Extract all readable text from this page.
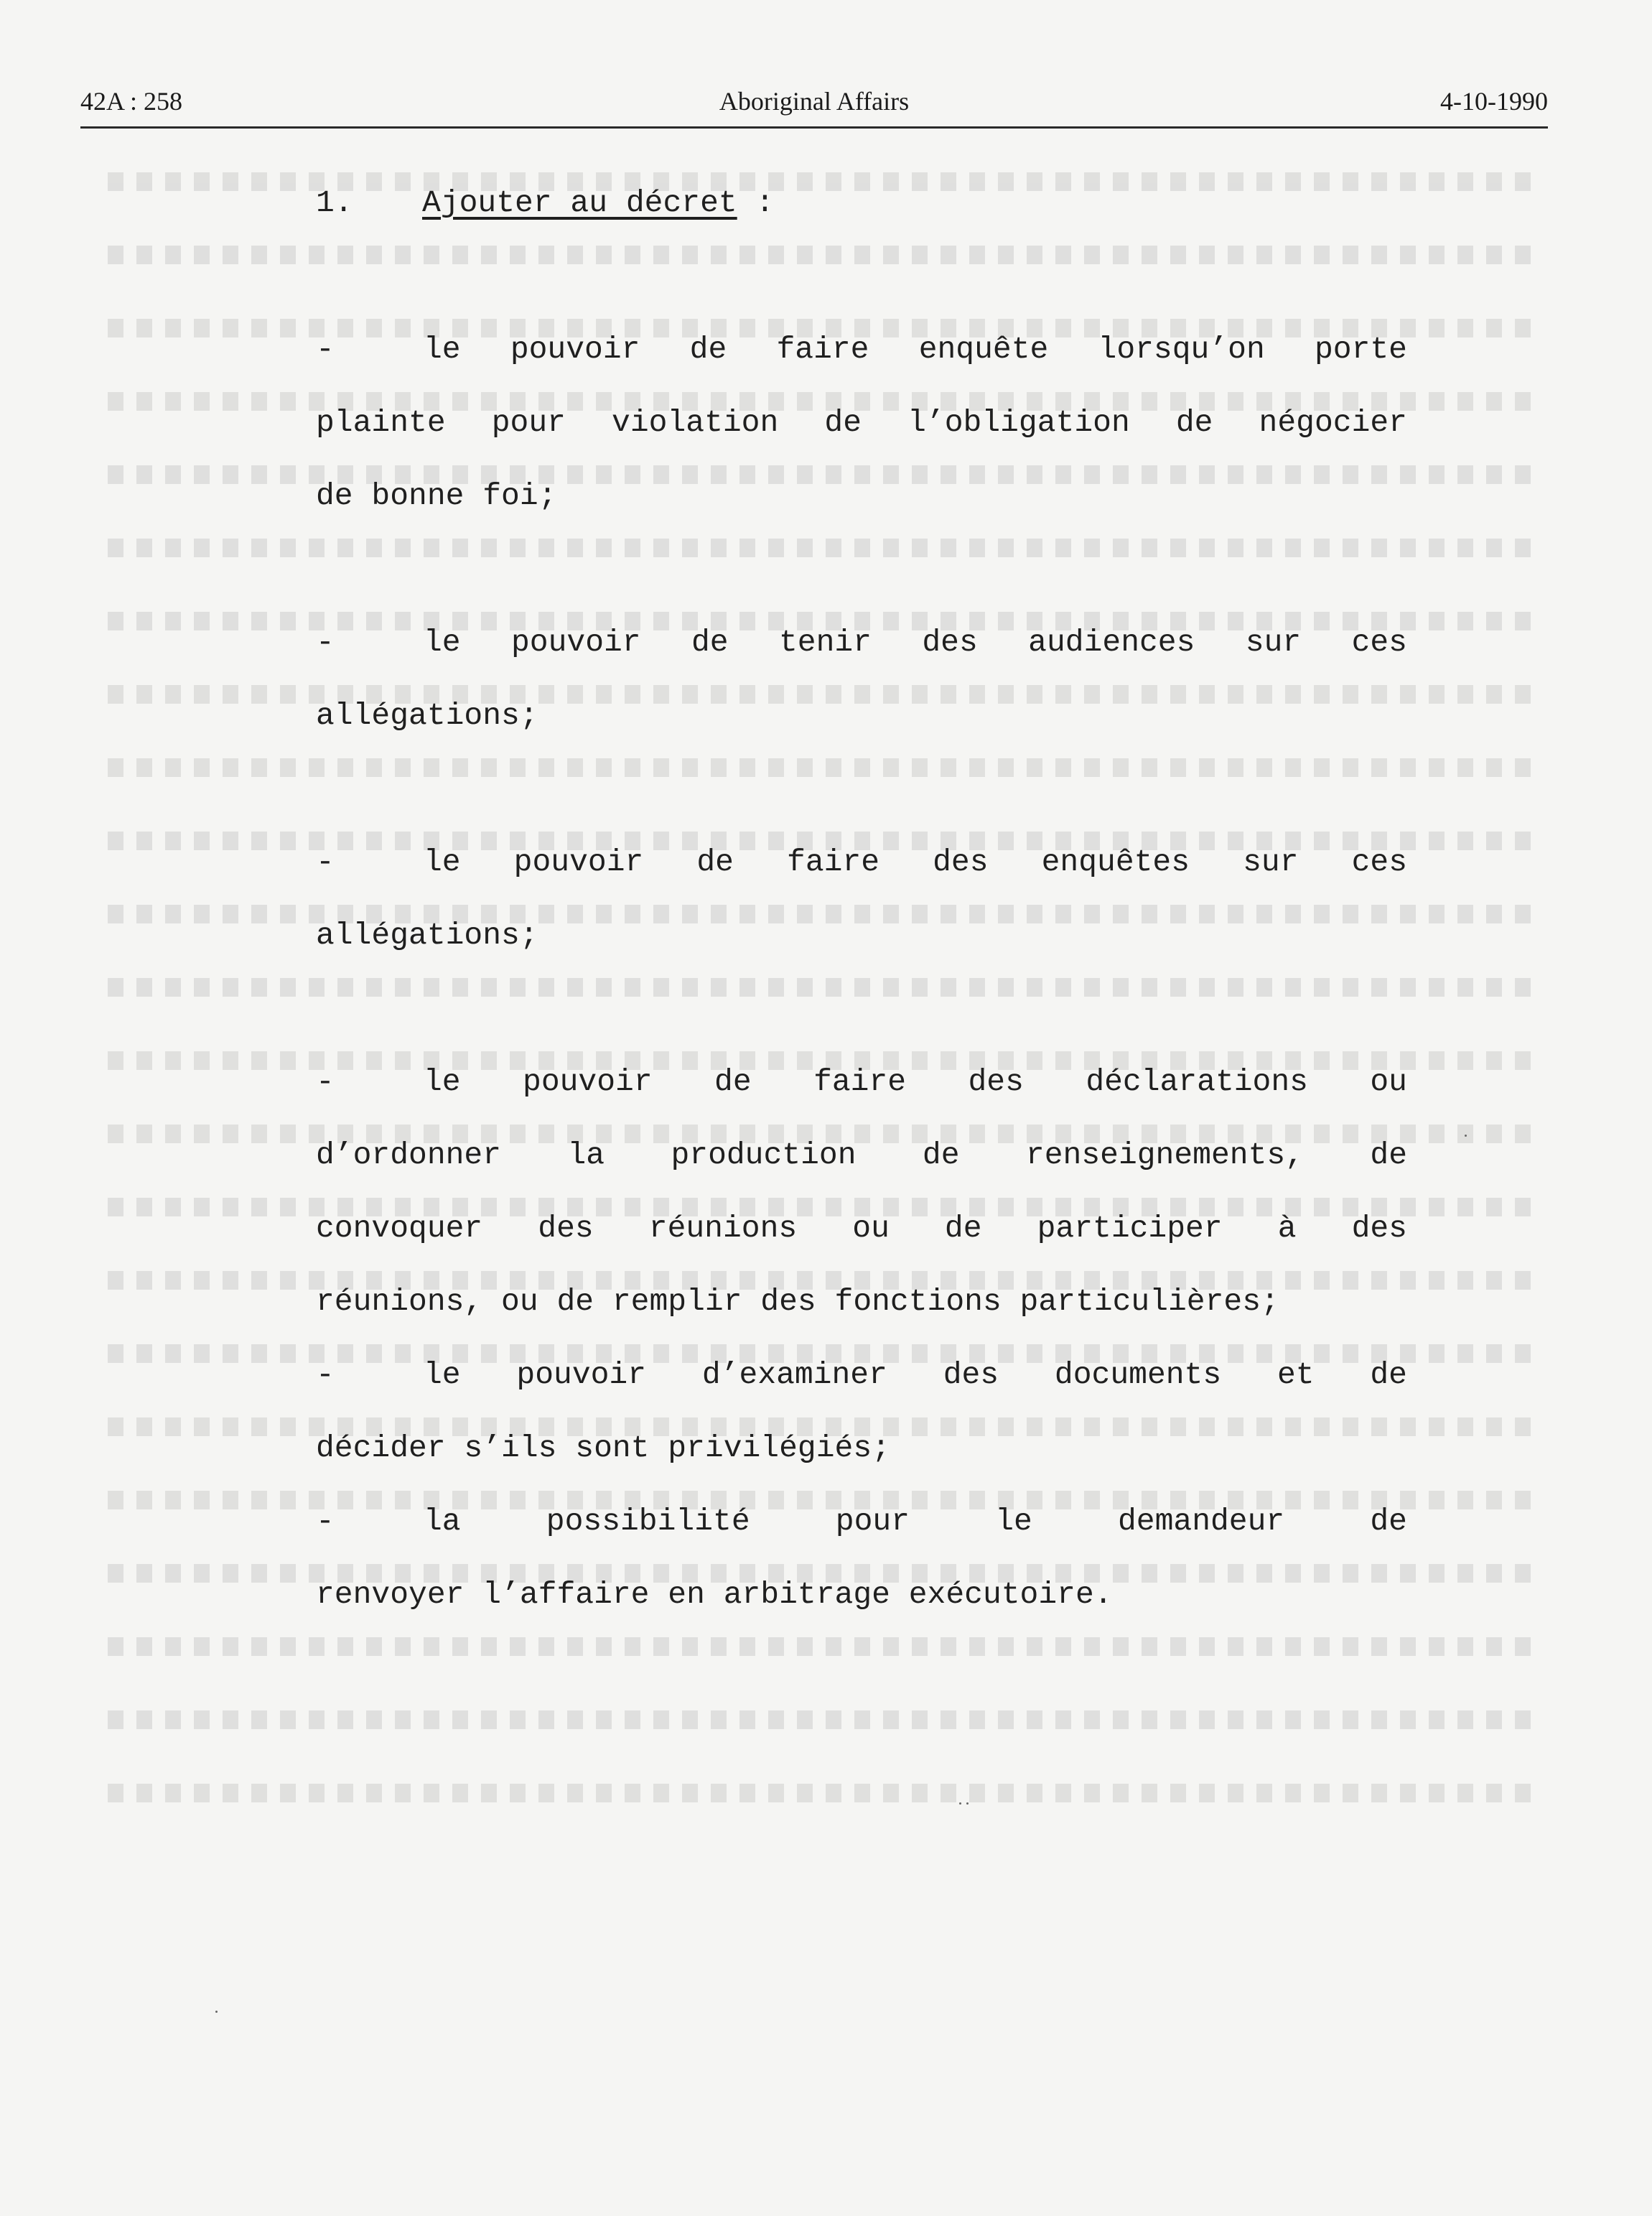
42A : 258	Aboriginal Affairs	4-10-1990
1. Ajouter au décret :
-	le pouvoir de faire enquête lorsqu’on porte
plainte pour violation de l’obligation de négocier
de bonne foi;
-	le pouvoir de tenir des audiences sur ces
allégations;
-	le pouvoir de faire des enquêtes sur ces
allégations;
-	le pouvoir de faire des déclarations ou
d’ordonner la production de renseignements, de
convoquer des réunions ou de participer à des
réunions, ou de remplir des fonctions particulières;
-	le pouvoir d’examiner des documents et de
décider s’ils sont privilégiés;
-	la possibilité pour le demandeur de
renvoyer l’affaire en arbitrage exécutoire.
